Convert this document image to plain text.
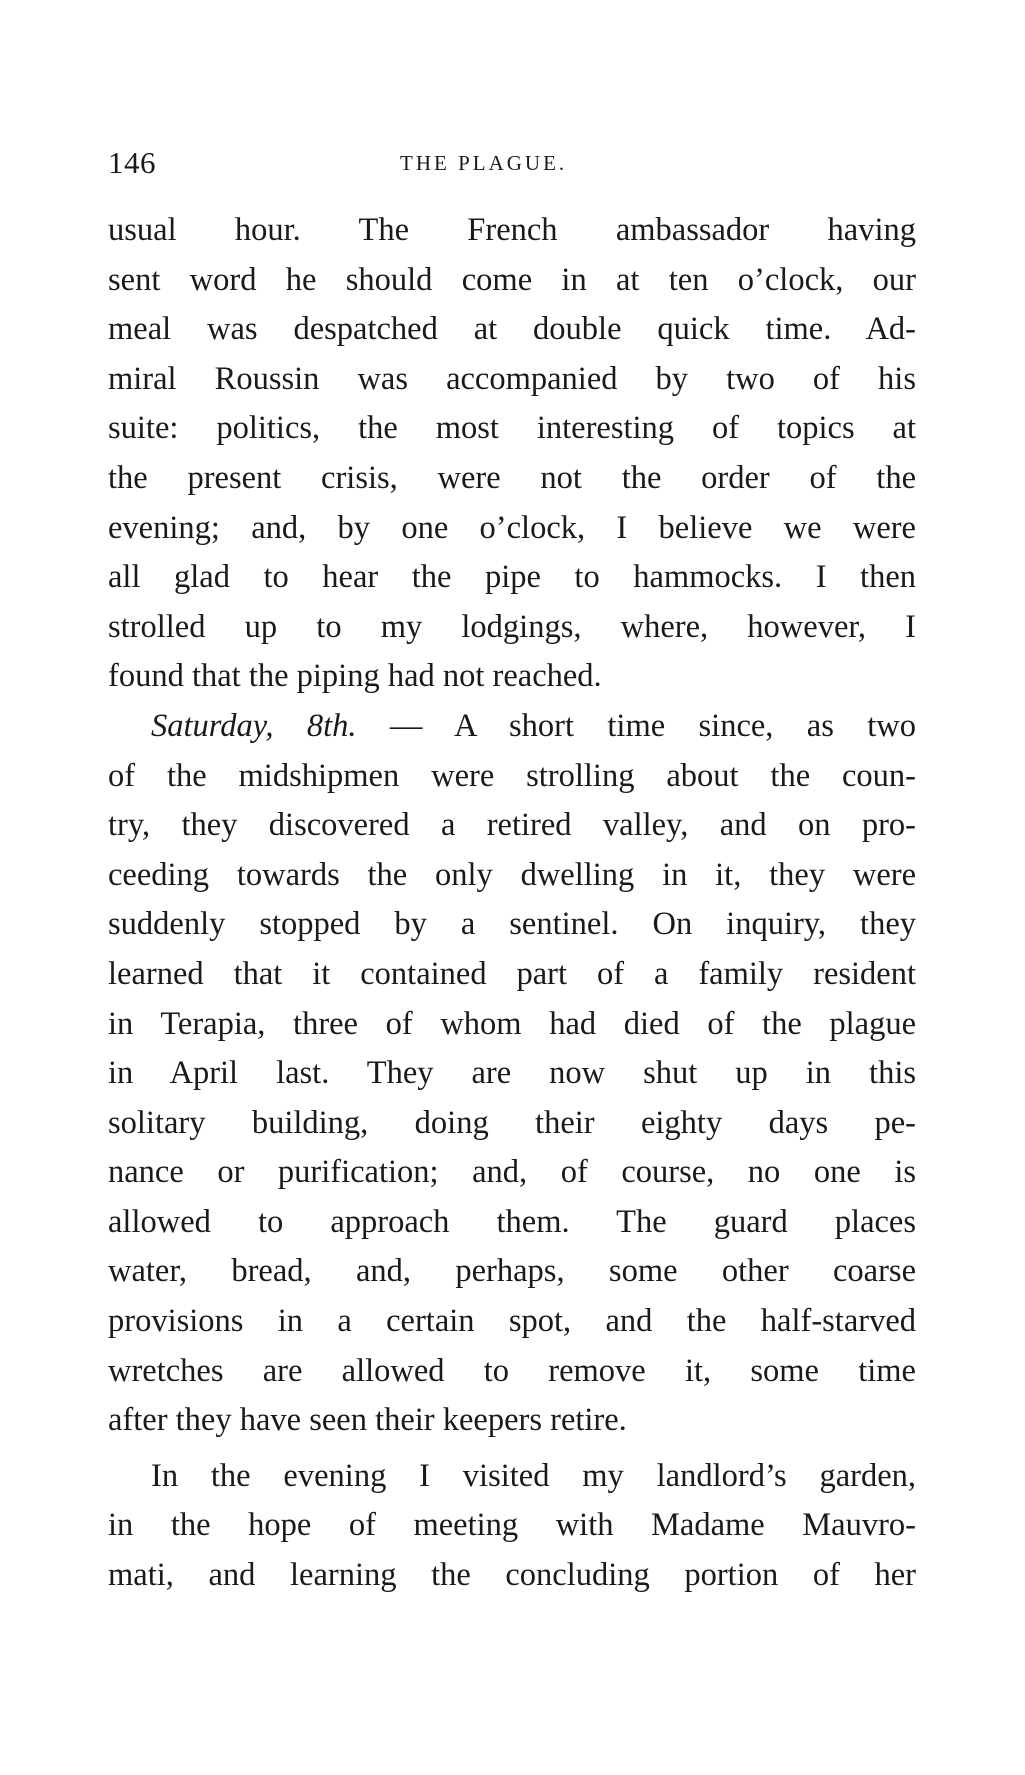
146	THE PLAGUE.
usual hour. The French ambassador having
sent word he should come in at ten o’clock, our
meal was despatched at double quick time. Ad-
miral Roussin was accompanied by two of his
suite: politics, the most interesting of topics at
the present crisis, were not the order of the
evening; and, by one o’clock, I believe we were
all glad to hear the pipe to hammocks. I then
strolled up to my lodgings, where, however, I
found that the piping had not reached.
Saturday, 8th. — A short time since, as two
of the midshipmen were strolling about the coun-
try, they discovered a retired valley, and on pro-
ceeding towards the only dwelling in it, they were
suddenly stopped by a sentinel. On inquiry, they
learned that it contained part of a family resident
in Terapia, three of whom had died of the plague
in April last. They are now shut up in this
solitary building, doing their eighty days pe-
nance or purification; and, of course, no one is
allowed to approach them. The guard places
water, bread, and, perhaps, some other coarse
provisions in a certain spot, and the half-starved
wretches are allowed to remove it, some time
after they have seen their keepers retire.
In the evening I visited my landlord’s garden,
in the hope of meeting with Madame Mauvro-
mati, and learning the concluding portion of her
